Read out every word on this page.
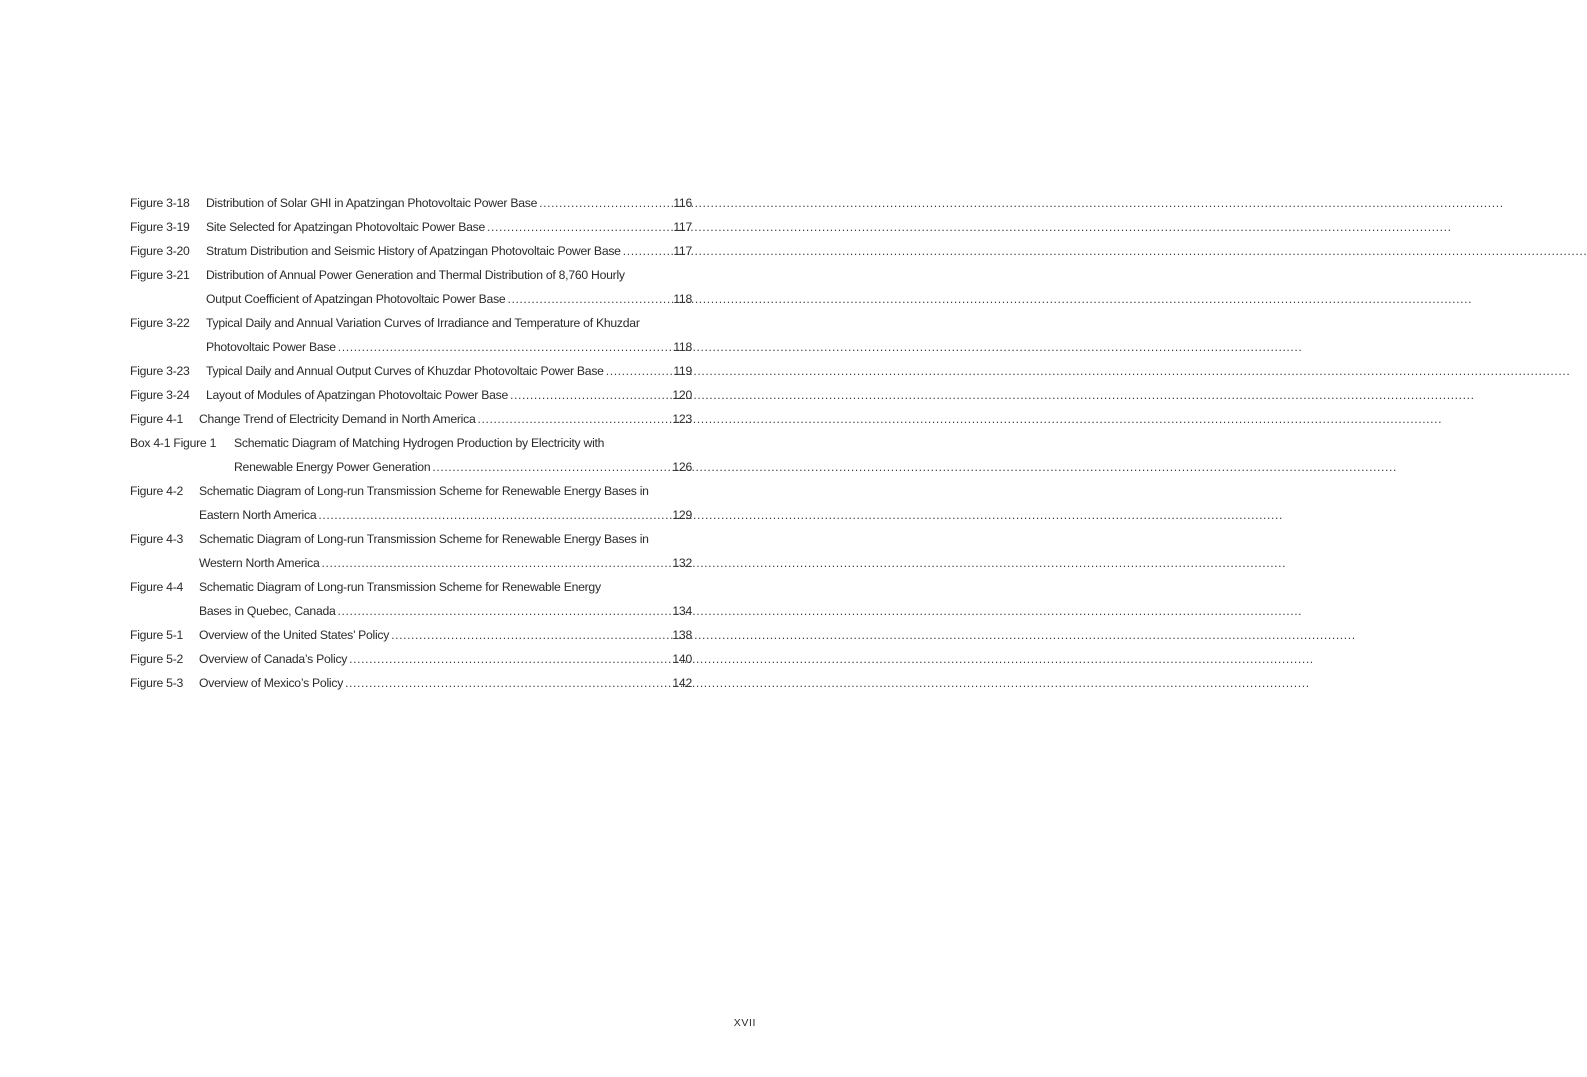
Figure 3-18	Distribution of Solar GHI in Apatzingan Photovoltaic Power Base .....	116
Figure 3-19	Site Selected for Apatzingan Photovoltaic Power Base .....	117
Figure 3-20	Stratum Distribution and Seismic History of Apatzingan Photovoltaic Power Base .....	117
Figure 3-21	Distribution of Annual Power Generation and Thermal Distribution of 8,760 Hourly
Output Coefficient of Apatzingan Photovoltaic Power Base .....	118
Figure 3-22	Typical Daily and Annual Variation Curves of Irradiance and Temperature of Khuzdar
Photovoltaic Power Base .....	118
Figure 3-23	Typical Daily and Annual Output Curves of Khuzdar Photovoltaic Power Base .....	119
Figure 3-24	Layout of Modules of Apatzingan Photovoltaic Power Base .....	120
Figure 4-1	Change Trend of Electricity Demand in North America .....	123
Box 4-1 Figure 1	Schematic Diagram of Matching Hydrogen Production by Electricity with
Renewable Energy Power Generation .....	126
Figure 4-2	Schematic Diagram of Long-run Transmission Scheme for Renewable Energy Bases in
Eastern North America .....	129
Figure 4-3	Schematic Diagram of Long-run Transmission Scheme for Renewable Energy Bases in
Western North America .....	132
Figure 4-4	Schematic Diagram of Long-run Transmission Scheme for Renewable Energy
Bases in Quebec, Canada .....	134
Figure 5-1	Overview of the United States’ Policy .....	138
Figure 5-2	Overview of Canada’s Policy .....	140
Figure 5-3	Overview of Mexico’s Policy .....	142
XVII
